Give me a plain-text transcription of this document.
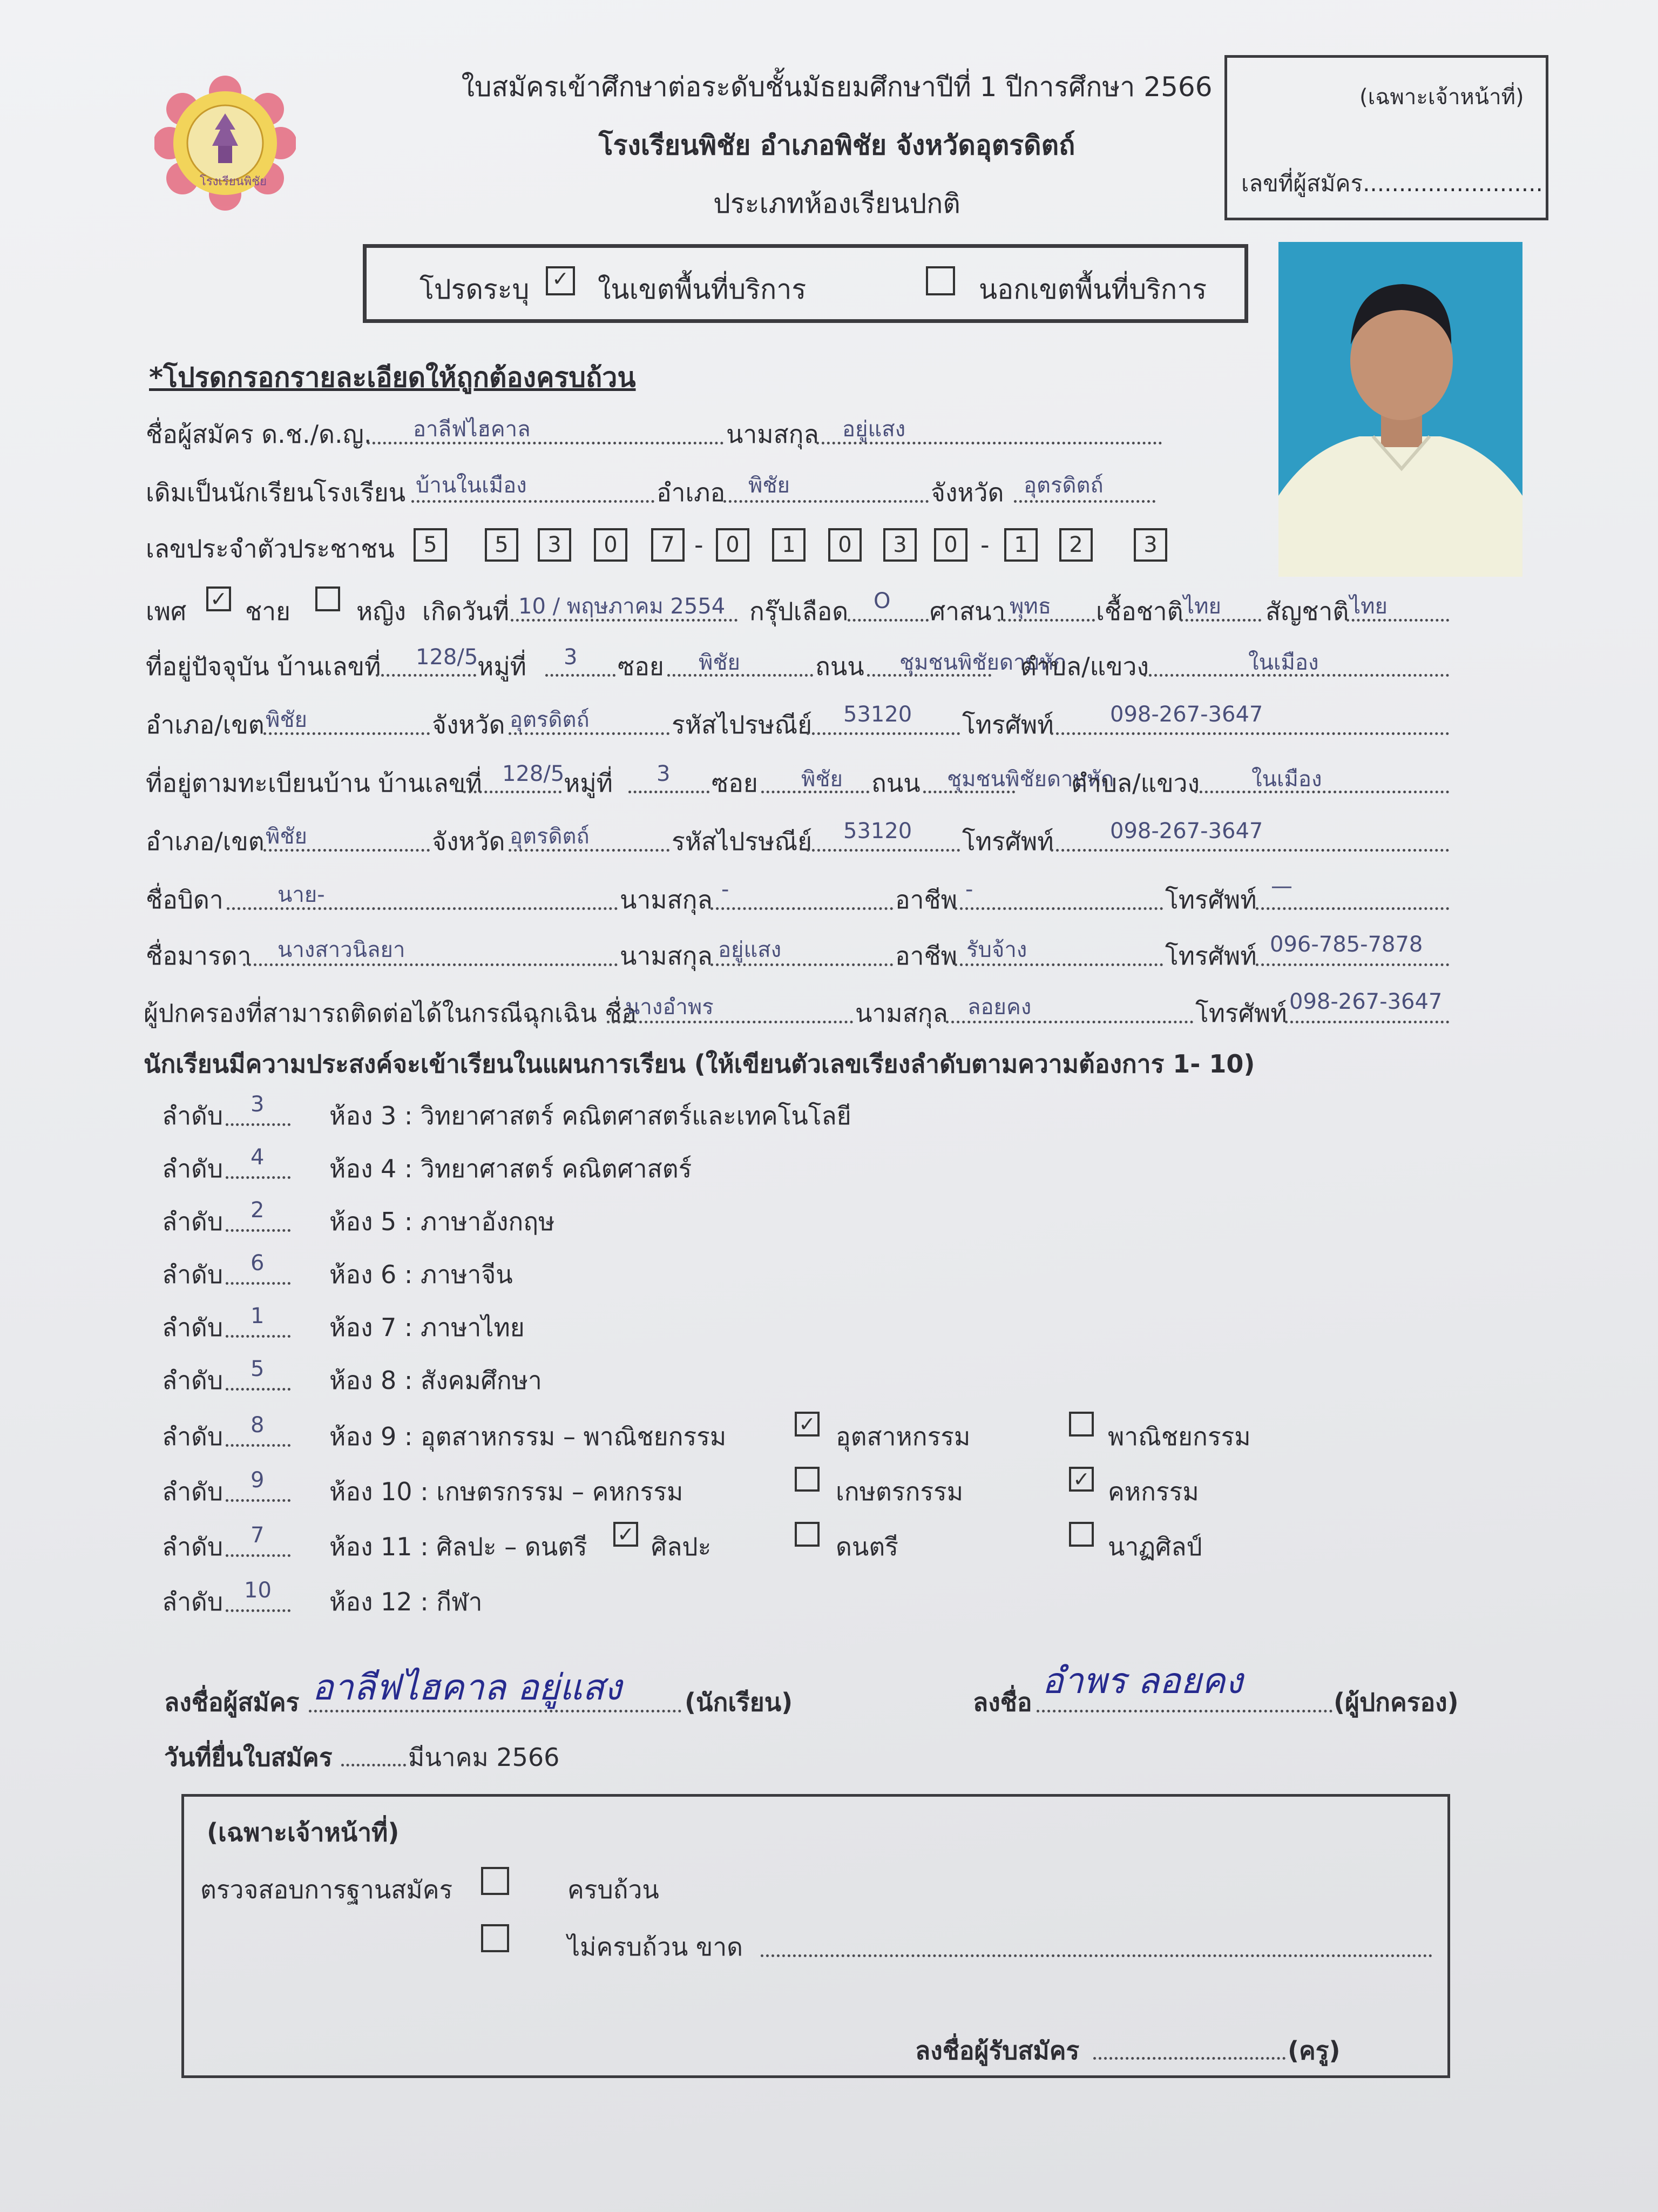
โรงเรียนพิชัย
ใบสมัครเข้าศึกษาต่อระดับชั้นมัธยมศึกษาปีที่ 1 ปีการศึกษา 2566
โรงเรียนพิชัย อำเภอพิชัย จังหวัดอุตรดิตถ์
ประเภทห้องเรียนปกติ
(เฉพาะเจ้าหน้าที่)
เลขที่ผู้สมัคร.........................
โปรดระบุ ✓ ในเขตพื้นที่บริการ	นอกเขตพื้นที่บริการ
*โปรดกรอกรายละเอียดให้ถูกต้องครบถ้วน
ชื่อผู้สมัคร ด.ช./ด.ญ. อาลีฟไฮคาล	นามสกุล อยู่แสง
เดิมเป็นนักเรียนโรงเรียน บ้านในเมือง	อำเภอ พิชัย	จังหวัด อุตรดิตถ์
เลขประจำตัวประชาชน	5	5	3	0	7 -	0	1	0	3	0 -	1	2	3
เพศ ✓ ชาย	หญิง เกิดวันที่ 10 / พฤษภาคม 2554 กรุ๊ปเลือด O ศาสนา พุทธ เชื้อชาติ ไทย สัญชาติ ไทย
ที่อยู่ปัจจุบัน บ้านเลขที่ 128/5
หมู่ที่ 3 ซอย พิชัย	ถนน ชุมชนพิชัยดาบหัก
ตำบล/แขวง	ในเมือง
อำเภอ/เขต พิชัย	จังหวัด อุตรดิตถ์	รหัสไปรษณีย์ 53120 โทรศัพท์	098-267-3647
ที่อยู่ตามทะเบียนบ้าน บ้านเลขที่ 128/5
หมู่ที่ 3 ซอย พิชัย ถนน ชุมชนพิชัยดาบหัก
ตำบล/แขวง ในเมือง
อำเภอ/เขต พิชัย	จังหวัด อุตรดิตถ์	รหัสไปรษณีย์ 53120 โทรศัพท์	098-267-3647
ชื่อบิดา	นาย-	นามสกุล -	อาชีพ -	โทรศัพท์ —
ชื่อมารดา นางสาวนิลยา	นามสกุล อยู่แสง	อาชีพ รับจ้าง	โทรศัพท์ 096-785-7878
ผู้ปกครองที่สามารถติดต่อได้ในกรณีฉุกเฉิน ชื่อ
นางอำพร	นามสกุล ลอยคง	โทรศัพท์ 098-267-3647
นักเรียนมีความประสงค์จะเข้าเรียนในแผนการเรียน (ให้เขียนตัวเลขเรียงลำดับตามความต้องการ 1- 10)
ลำดับ 3	ห้อง 3 : วิทยาศาสตร์ คณิตศาสตร์และเทคโนโลยี
ลำดับ 4	ห้อง 4 : วิทยาศาสตร์ คณิตศาสตร์
ลำดับ 2	ห้อง 5 : ภาษาอังกฤษ
ลำดับ 6	ห้อง 6 : ภาษาจีน
ลำดับ 1	ห้อง 7 : ภาษาไทย
ลำดับ 5	ห้อง 8 : สังคมศึกษา
ลำดับ 8	ห้อง 9 : อุตสาหกรรม – พาณิชยกรรม	✓ อุตสาหกรรม	พาณิชยกรรม
ลำดับ 9	ห้อง 10 : เกษตรกรรม – คหกรรม	เกษตรกรรม	✓ คหกรรม
ลำดับ 7	ห้อง 11 : ศิลปะ – ดนตรี ✓ ศิลปะ	ดนตรี	นาฏศิลป์
ลำดับ 10 ห้อง 12 : กีฬา
ลงชื่อผู้สมัคร อาลีฟไฮคาล อยู่แสง	(นักเรียน)	ลงชื่อ
อำพร ลอยคง
(ผู้ปกครอง)
วันที่ยื่นใบสมัคร	มีนาคม 2566
(เฉพาะเจ้าหน้าที่)
ตรวจสอบการฐานสมัคร	ครบถ้วน
ไม่ครบถ้วน ขาด
ลงชื่อผู้รับสมัคร	(ครู)
